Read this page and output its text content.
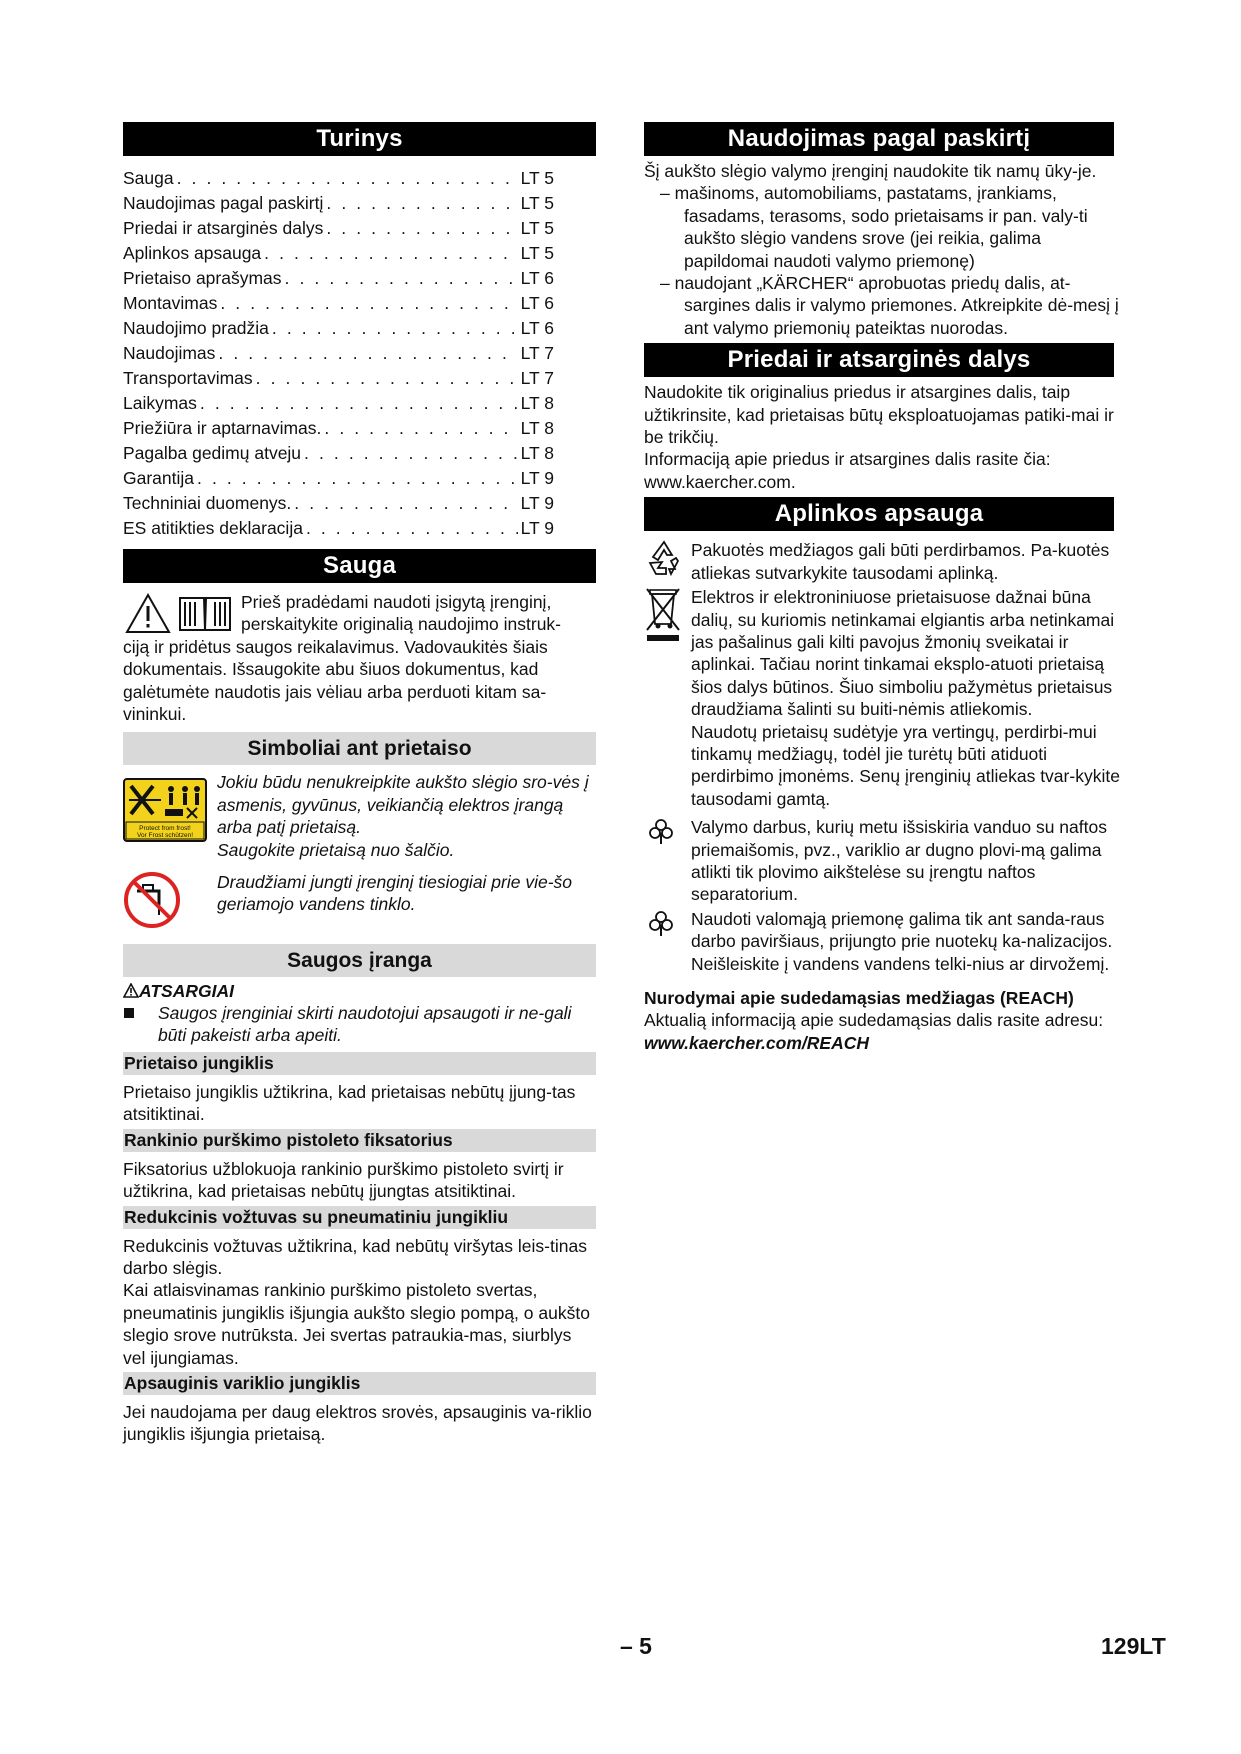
Turinys
Sauga . . .	LT 5
Naudojimas pagal paskirtį . . .	LT 5
Priedai ir atsarginės dalys . . .	LT 5
Aplinkos apsauga . . .	LT 5
Prietaiso aprašymas . . .	LT 6
Montavimas . . .	LT 6
Naudojimo pradžia . . .	LT 6
Naudojimas . . .	LT 7
Transportavimas . . .	LT 7
Laikymas . . .	LT 8
Priežiūra ir aptarnavimas. . . .	LT 8
Pagalba gedimų atveju . . .	LT 8
Garantija . . .	LT 9
Techniniai duomenys. . . .	LT 9
ES atitikties deklaracija . . .	LT 9
Sauga
Prieš pradėdami naudoti įsigytą įrenginį,
perskaitykite originalią naudojimo instruk-
ciją ir pridėtus saugos reikalavimus. Vadovaukitės šiais dokumentais. Išsaugokite abu šiuos dokumentus, kad galėtumėte naudotis jais vėliau arba perduoti kitam sa-vininkui.
Simboliai ant prietaiso
Protect from frost!
Vor Frost schützen!
Jokiu būdu nenukreipkite aukšto slėgio sro-vės į asmenis, gyvūnus, veikiančią elektros įrangą arba patį prietaisą.
Saugokite prietaisą nuo šalčio.
Draudžiami jungti įrenginį tiesiogiai prie vie-šo geriamojo vandens tinklo.
Saugos įranga
ATSARGIAI
Saugos įrenginiai skirti naudotojui apsaugoti ir ne-gali būti pakeisti arba apeiti.
Prietaiso jungiklis
Prietaiso jungiklis užtikrina, kad prietaisas nebūtų įjung-tas atsitiktinai.
Rankinio purškimo pistoleto fiksatorius
Fiksatorius užblokuoja rankinio purškimo pistoleto svirtį ir užtikrina, kad prietaisas nebūtų įjungtas atsitiktinai.
Redukcinis vožtuvas su pneumatiniu jungikliu
Redukcinis vožtuvas užtikrina, kad nebūtų viršytas leis-tinas darbo slėgis.
Kai atlaisvinamas rankinio purškimo pistoleto svertas, pneumatinis jungiklis išjungia aukšto slegio pompą, o aukšto slegio srove nutrūksta. Jei svertas patraukia-mas, siurblys vel ijungiamas.
Apsauginis variklio jungiklis
Jei naudojama per daug elektros srovės, apsauginis va-riklio jungiklis išjungia prietaisą.
Naudojimas pagal paskirtį
Šį aukšto slėgio valymo įrenginį naudokite tik namų ūky-je.
– mašinoms, automobiliams, pastatams, įrankiams, fasadams, terasoms, sodo prietaisams ir pan. valy-ti aukšto slėgio vandens srove (jei reikia, galima papildomai naudoti valymo priemonę)
– naudojant „KÄRCHER“ aprobuotas priedų dalis, at-sargines dalis ir valymo priemones. Atkreipkite dė-mesį į ant valymo priemonių pateiktas nuorodas.
Priedai ir atsarginės dalys
Naudokite tik originalius priedus ir atsargines dalis, taip užtikrinsite, kad prietaisas būtų eksploatuojamas patiki-mai ir be trikčių.
Informaciją apie priedus ir atsargines dalis rasite čia: www.kaercher.com.
Aplinkos apsauga
Pakuotės medžiagos gali būti perdirbamos. Pa-kuotės atliekas sutvarkykite tausodami aplinką.
Elektros ir elektroniniuose prietaisuose dažnai būna dalių, su kuriomis netinkamai elgiantis arba netinkamai jas pašalinus gali kilti pavojus žmonių sveikatai ir aplinkai. Tačiau norint tinkamai eksplo-atuoti prietaisą šios dalys būtinos. Šiuo simboliu pažymėtus prietaisus draudžiama šalinti su buiti-nėmis atliekomis.
Naudotų prietaisų sudėtyje yra vertingų, perdirbi-mui tinkamų medžiagų, todėl jie turėtų būti atiduoti perdirbimo įmonėms. Senų įrenginių atliekas tvar-kykite tausodami gamtą.
Valymo darbus, kurių metu išsiskiria vanduo su naftos priemaišomis, pvz., variklio ar dugno plovi-mą galima atlikti tik plovimo aikštelėse su įrengtu naftos separatorium.
Naudoti valomąją priemonę galima tik ant sanda-raus darbo paviršiaus, prijungto prie nuotekų ka-nalizacijos. Neišleiskite į vandens vandens telki-nius ar dirvožemį.
Nurodymai apie sudedamąsias medžiagas (REACH)
Aktualią informaciją apie sudedamąsias dalis rasite adresu:
www.kaercher.com/REACH
– 5	129LT
